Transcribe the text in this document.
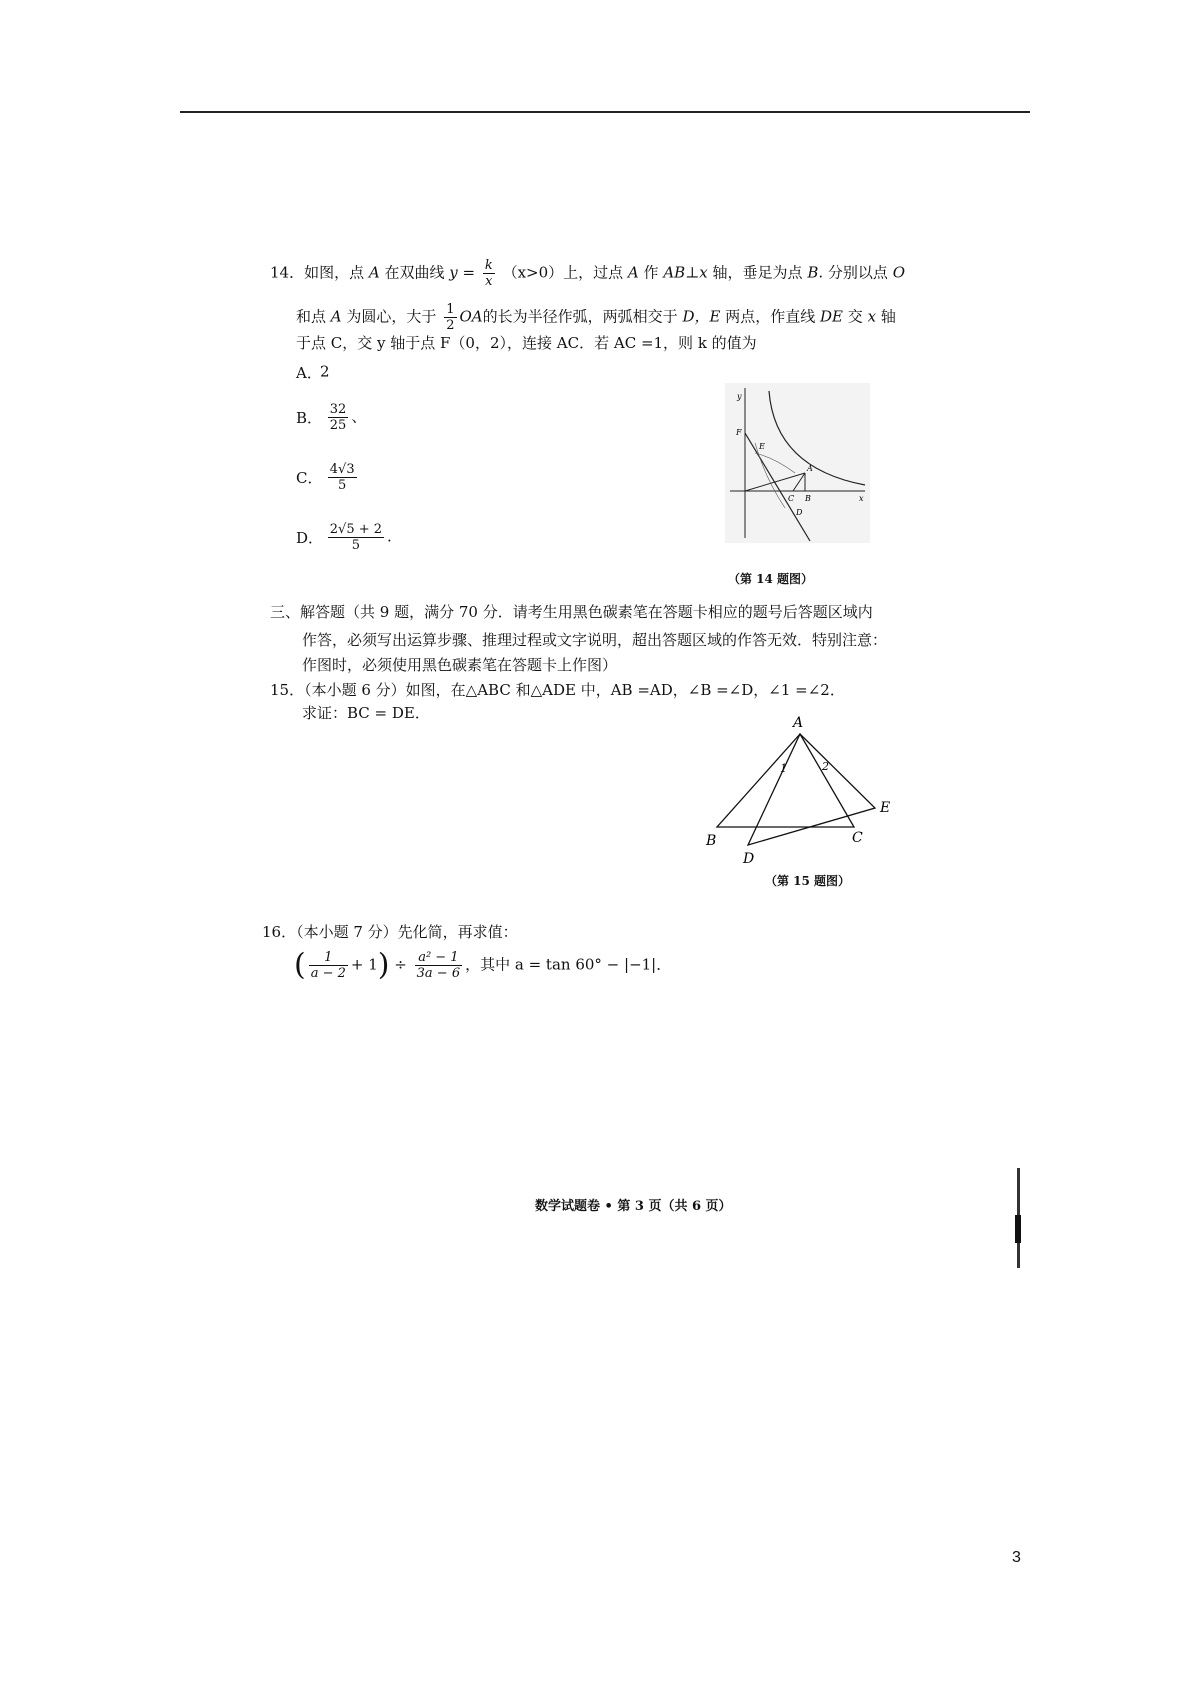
14．如图，点 A 在双曲线 $y = \frac{k}{x} (x>0)$上，过点 A 作 AB⊥x 轴，垂足为点 B. 分别以点 O
和点 A 为圆心，大于 $\frac{1}{2}$ OA的长为半径作弧，两弧相交于 D，E 两点，作直线 DE 交 x 轴
于点 C，交 y 轴于点 F（0，2），连接 AC．若 AC =1，则 k 的值为
A．2
B． $\frac{32}{25}$ 、
C． $\frac{4√3}{5}$
D． $\frac{2√5 + 2}{5}$ .
y
x
F
E
A
C B
D
（第 14 题图）
三、解答题（共 9 题，满分 70 分．请考生用黑色碳素笔在答题卡相应的题号后答题区域内
作答，必须写出运算步骤、推理过程或文字说明，超出答题区域的作答无效．特别注意：
作图时，必须使用黑色碳素笔在答题卡上作图）
15．（本小题 6 分）如图，在△ABC 和△ADE 中，AB =AD，∠B =∠D，∠1 =∠2．
求证：BC = DE．
A
B	C
D
E
1	2
（第 15 题图）
16．（本小题 7 分）先化简，再求值：
( $\frac{1}{a - 2} + 1) \div \frac{\text{a² − 1}}{3a - 6}$ ，其中 a = tan 60° − |−1|．
数学试题卷 • 第 3 页（共 6 页）
3
